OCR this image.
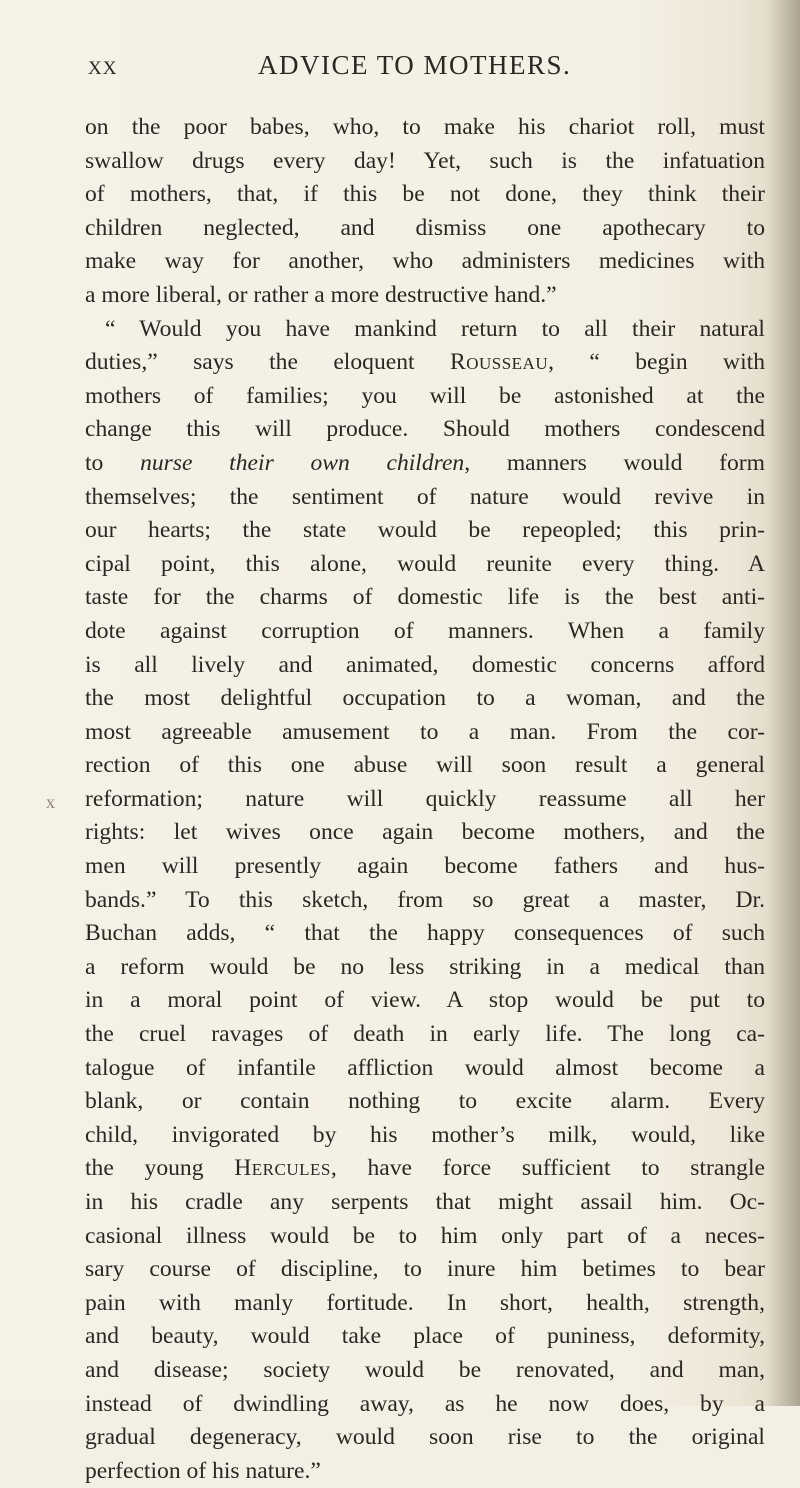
xx	ADVICE TO MOTHERS.
x

on the poor babes, who, to make his chariot roll, must
swallow drugs every day! Yet, such is the infatuation
of mothers, that, if this be not done, they think their
children neglected, and dismiss one apothecary to
make way for another, who administers medicines with
a more liberal, or rather a more destructive hand.”
“ Would you have mankind return to all their natural
duties,” says the eloquent Rousseau, “ begin with
mothers of families; you will be astonished at the
change this will produce. Should mothers condescend
to nurse their own children, manners would form
themselves; the sentiment of nature would revive in
our hearts; the state would be repeopled; this prin-
cipal point, this alone, would reunite every thing. A
taste for the charms of domestic life is the best anti-
dote against corruption of manners. When a family
is all lively and animated, domestic concerns afford
the most delightful occupation to a woman, and the
most agreeable amusement to a man. From the cor-
rection of this one abuse will soon result a general
reformation; nature will quickly reassume all her
rights: let wives once again become mothers, and the
men will presently again become fathers and hus-
bands.” To this sketch, from so great a master, Dr.
Buchan adds, “ that the happy consequences of such
a reform would be no less striking in a medical than
in a moral point of view. A stop would be put to
the cruel ravages of death in early life. The long ca-
talogue of infantile affliction would almost become a
blank, or contain nothing to excite alarm. Every
child, invigorated by his mother’s milk, would, like
the young Hercules, have force sufficient to strangle
in his cradle any serpents that might assail him. Oc-
casional illness would be to him only part of a neces-
sary course of discipline, to inure him betimes to bear
pain with manly fortitude. In short, health, strength,
and beauty, would take place of puniness, deformity,
and disease; society would be renovated, and man,
instead of dwindling away, as he now does, by a
gradual degeneracy, would soon rise to the original
perfection of his nature.”
